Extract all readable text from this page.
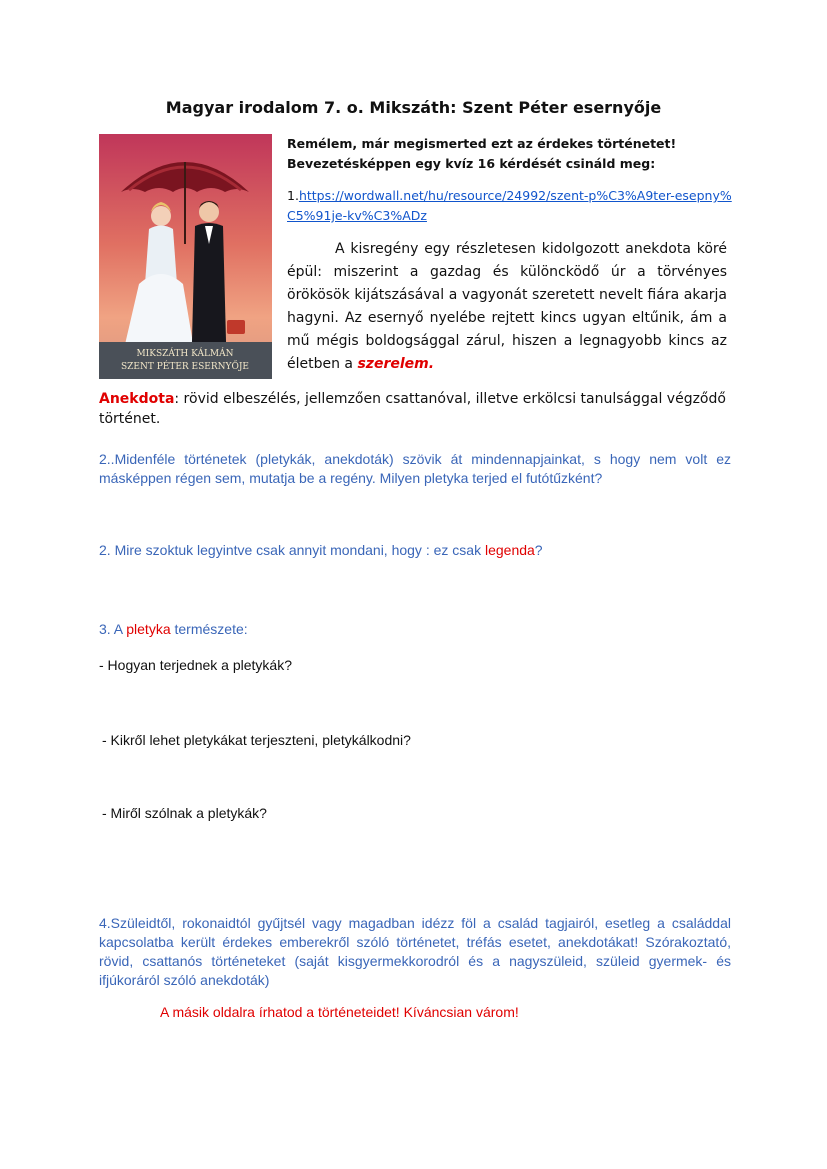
Magyar irodalom 7. o. Mikszáth: Szent Péter esernyője
MIKSZÁTH KÁLMÁN
SZENT PÉTER ESERNYŐJE
Remélem, már megismerted ezt az érdekes történetet!
Bevezetésképpen egy kvíz 16 kérdését csináld meg:
1.https://wordwall.net/hu/resource/24992/szent-p%C3%A9ter-esерny%C5%91je-kv%C3%ADz
A kisregény egy részletesen kidolgozott anekdota köré épül: miszerint a gazdag és különcködő úr a törvényes örökösök kijátszásával a vagyonát szeretett nevelt fiára akarja hagyni. Az esernyő nyelébe rejtett kincs ugyan eltűnik, ám a mű mégis boldogsággal zárul, hiszen a legnagyobb kincs az életben a szerelem.
Anekdota: rövid elbeszélés, jellemzően csattanóval, illetve erkölcsi tanulsággal végződő történet.
2..Midenféle történetek (pletykák, anekdoták) szövik át mindennapjainkat, s hogy nem volt ez másképpen régen sem, mutatja be a regény. Milyen pletyka terjed el futótűzként?
2. Mire szoktuk legyintve csak annyit mondani, hogy : ez csak legenda?
3. A pletyka természete:
- Hogyan terjednek a pletykák?
- Kikről lehet pletykákat terjeszteni, pletykálkodni?
- Miről szólnak a pletykák?
4.Szüleidtől, rokonaidtól gyűjtsél vagy magadban idézz föl a család tagjairól, esetleg a családdal kapcsolatba került érdekes emberekről szóló történetet, tréfás esetet, anekdotákat! Szórakoztató, rövid, csattanós történeteket (saját kisgyermekkorodról és a nagyszüleid, szüleid gyermek- és ifjúkoráról szóló anekdoták)
A másik oldalra írhatod a történeteidet! Kíváncsian várom!
